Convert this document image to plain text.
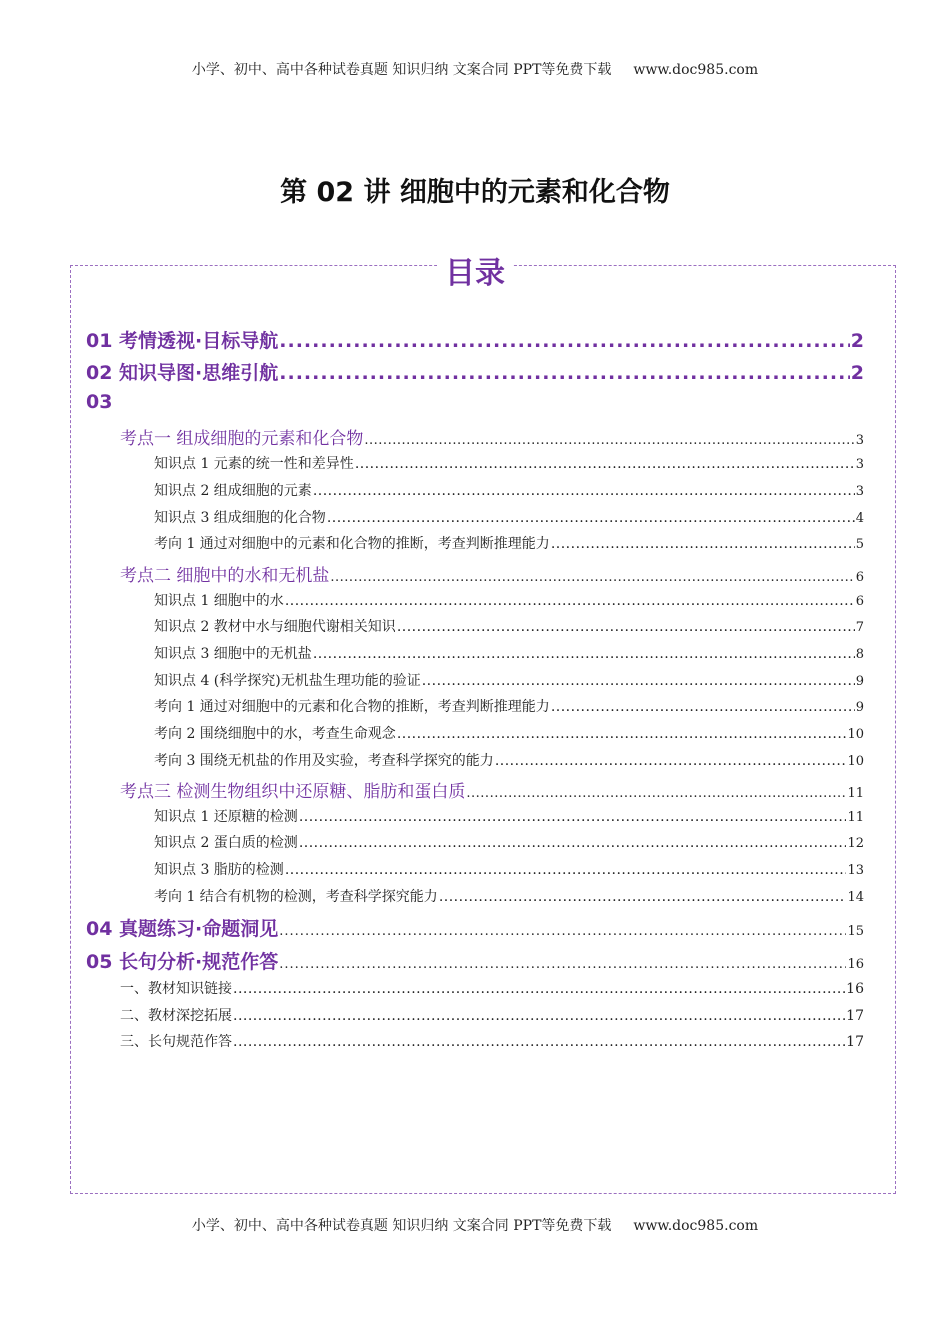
小学、初中、高中各种试卷真题 知识归纳 文案合同 PPT等免费下载 www.doc985.com
第 02 讲 细胞中的元素和化合物
目录
01 考情透视·目标导航 .....	2
02 知识导图·思维引航 .....	2
03
考点一 组成细胞的元素和化合物 .....	3
知识点 1 元素的统一性和差异性 .....	3
知识点 2 组成细胞的元素 .....	3
知识点 3 组成细胞的化合物 .....	4
考向 1 通过对细胞中的元素和化合物的推断，考查判断推理能力 .....	5
考点二 细胞中的水和无机盐 .....	6
知识点 1 细胞中的水 .....	6
知识点 2 教材中水与细胞代谢相关知识 .....	7
知识点 3 细胞中的无机盐 .....	8
知识点 4 (科学探究)无机盐生理功能的验证 .....	9
考向 1 通过对细胞中的元素和化合物的推断，考查判断推理能力 .....	9
考向 2 围绕细胞中的水，考查生命观念 .....	10
考向 3 围绕无机盐的作用及实验，考查科学探究的能力 .....	10
考点三 检测生物组织中还原糖、脂肪和蛋白质 .....	11
知识点 1 还原糖的检测 .....	11
知识点 2 蛋白质的检测 .....	12
知识点 3 脂肪的检测 .....	13
考向 1 结合有机物的检测，考查科学探究能力 .....	14
04 真题练习·命题洞见 .....	15
05 长句分析·规范作答 .....	16
一、教材知识链接 .....	16
二、教材深挖拓展 .....	17
三、长句规范作答 .....	17
小学、初中、高中各种试卷真题 知识归纳 文案合同 PPT等免费下载 www.doc985.com
